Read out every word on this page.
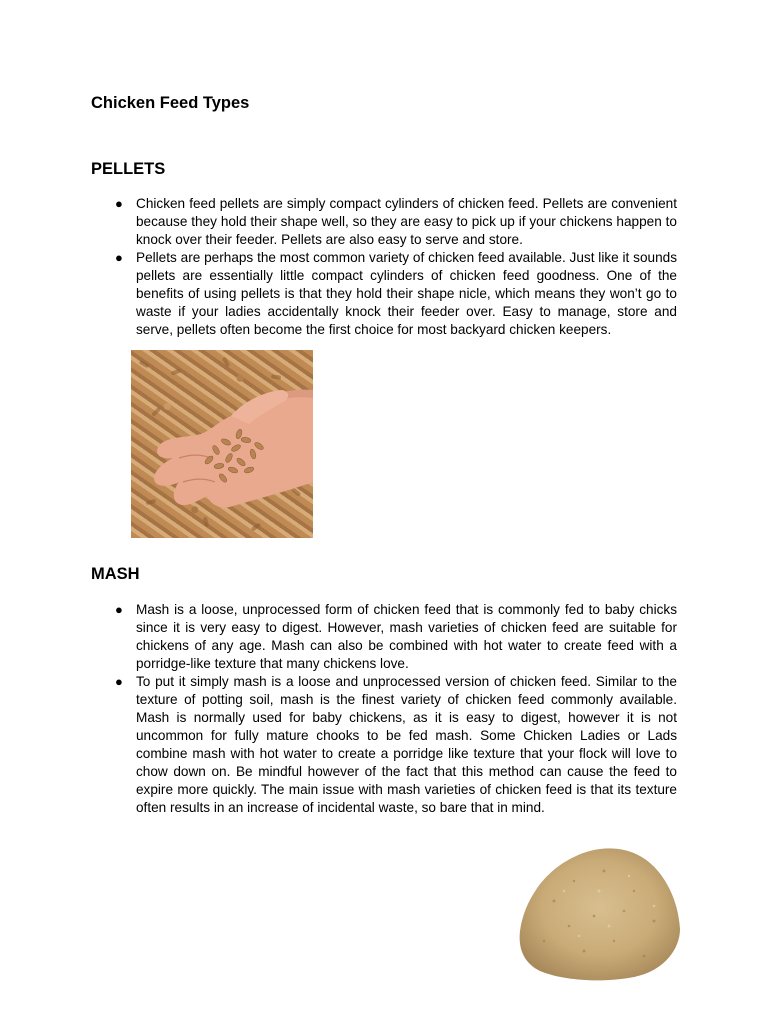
Chicken Feed Types
PELLETS
● Chicken feed pellets are simply compact cylinders of chicken feed. Pellets are convenient because they hold their shape well, so they are easy to pick up if your chickens happen to knock over their feeder. Pellets are also easy to serve and store.
● Pellets are perhaps the most common variety of chicken feed available. Just like it sounds pellets are essentially little compact cylinders of chicken feed goodness. One of the benefits of using pellets is that they hold their shape nicle, which means they won’t go to waste if your ladies accidentally knock their feeder over. Easy to manage, store and serve, pellets often become the first choice for most backyard chicken keepers.
MASH
● Mash is a loose, unprocessed form of chicken feed that is commonly fed to baby chicks since it is very easy to digest. However, mash varieties of chicken feed are suitable for chickens of any age. Mash can also be combined with hot water to create feed with a porridge-like texture that many chickens love.
● To put it simply mash is a loose and unprocessed version of chicken feed. Similar to the texture of potting soil, mash is the finest variety of chicken feed commonly available. Mash is normally used for baby chickens, as it is easy to digest, however it is not uncommon for fully mature chooks to be fed mash. Some Chicken Ladies or Lads combine mash with hot water to create a porridge like texture that your flock will love to chow down on. Be mindful however of the fact that this method can cause the feed to expire more quickly. The main issue with mash varieties of chicken feed is that its texture often results in an increase of incidental waste, so bare that in mind.
